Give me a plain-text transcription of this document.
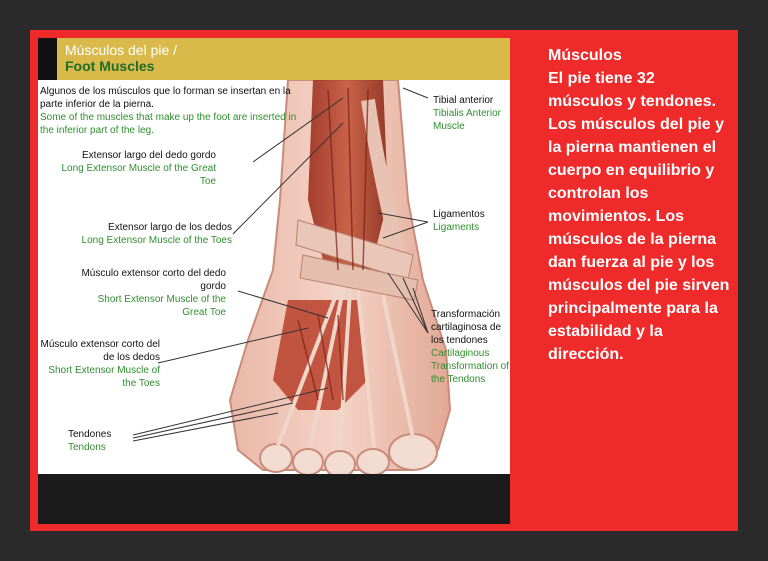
Músculos del pie /
Foot Muscles
Algunos de los músculos que lo forman se insertan en la parte inferior de la pierna.
Some of the muscles that make up the foot are inserted in the inferior part of the leg.
Extensor largo del dedo gordo
Long Extensor Muscle of the Great Toe
Extensor largo de los dedos
Long Extensor Muscle of the Toes
Músculo extensor corto del dedo gordo
Short Extensor Muscle of the Great Toe
Músculo extensor corto del de los dedos
Short Extensor Muscle of the Toes
Tendones
Tendons
Tibial anterior
Tibialis Anterior Muscle
Ligamentos
Ligaments
Transformación cartilaginosa de los tendones
Cartilaginous Transformation of the Tendons
Músculos
El pie tiene 32 músculos y tendones. Los músculos del pie y la pierna mantienen el cuerpo en equilibrio y controlan los movimientos. Los músculos de la pierna dan fuerza al pie y los músculos del pie sirven principalmente para la estabilidad y la dirección.
